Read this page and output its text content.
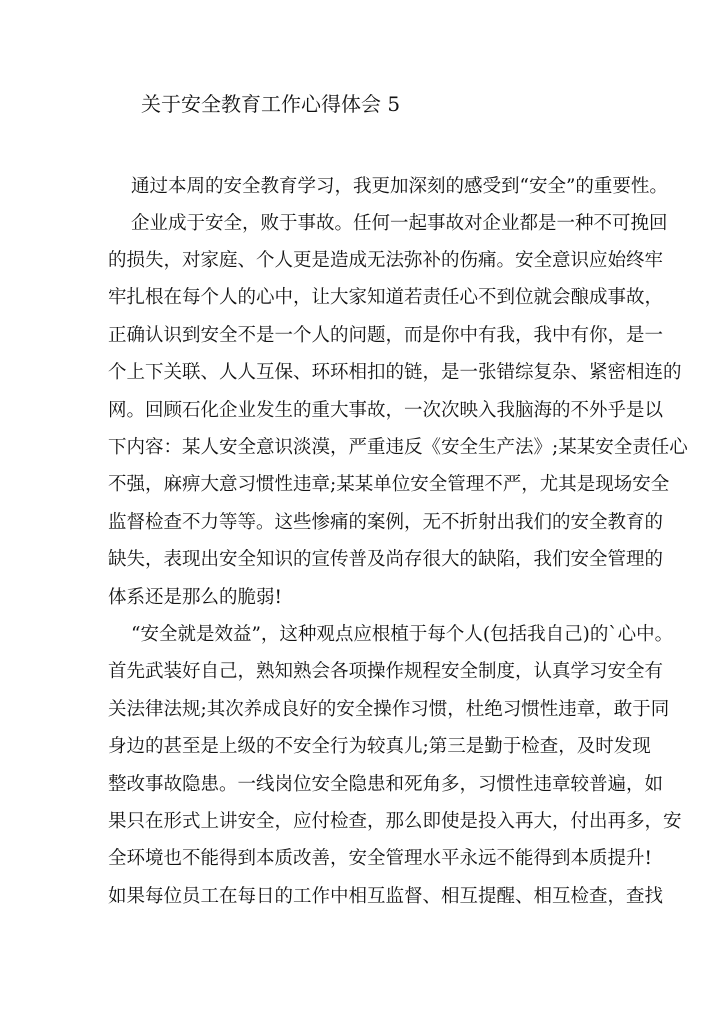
关于安全教育工作心得体会 5
通过本周的安全教育学习，我更加深刻的感受到“安全”的重要性。
企业成于安全，败于事故。任何一起事故对企业都是一种不可挽回
的损失，对家庭、个人更是造成无法弥补的伤痛。安全意识应始终牢
牢扎根在每个人的心中，让大家知道若责任心不到位就会酿成事故，
正确认识到安全不是一个人的问题，而是你中有我，我中有你，是一
个上下关联、人人互保、环环相扣的链，是一张错综复杂、紧密相连的
网。回顾石化企业发生的重大事故，一次次映入我脑海的不外乎是以
下内容：某人安全意识淡漠，严重违反《安全生产法》;某某安全责任心
不强，麻痹大意习惯性违章;某某单位安全管理不严，尤其是现场安全
监督检查不力等等。这些惨痛的案例，无不折射出我们的安全教育的
缺失，表现出安全知识的宣传普及尚存很大的缺陷，我们安全管理的
体系还是那么的脆弱!
“安全就是效益”，这种观点应根植于每个人(包括我自己)的`心中。
首先武装好自己，熟知熟会各项操作规程安全制度，认真学习安全有
关法律法规;其次养成良好的安全操作习惯，杜绝习惯性违章，敢于同
身边的甚至是上级的不安全行为较真儿;第三是勤于检查，及时发现
整改事故隐患。一线岗位安全隐患和死角多，习惯性违章较普遍，如
果只在形式上讲安全，应付检查，那么即使是投入再大，付出再多，安
全环境也不能得到本质改善，安全管理水平永远不能得到本质提升!
如果每位员工在每日的工作中相互监督、相互提醒、相互检查，查找
